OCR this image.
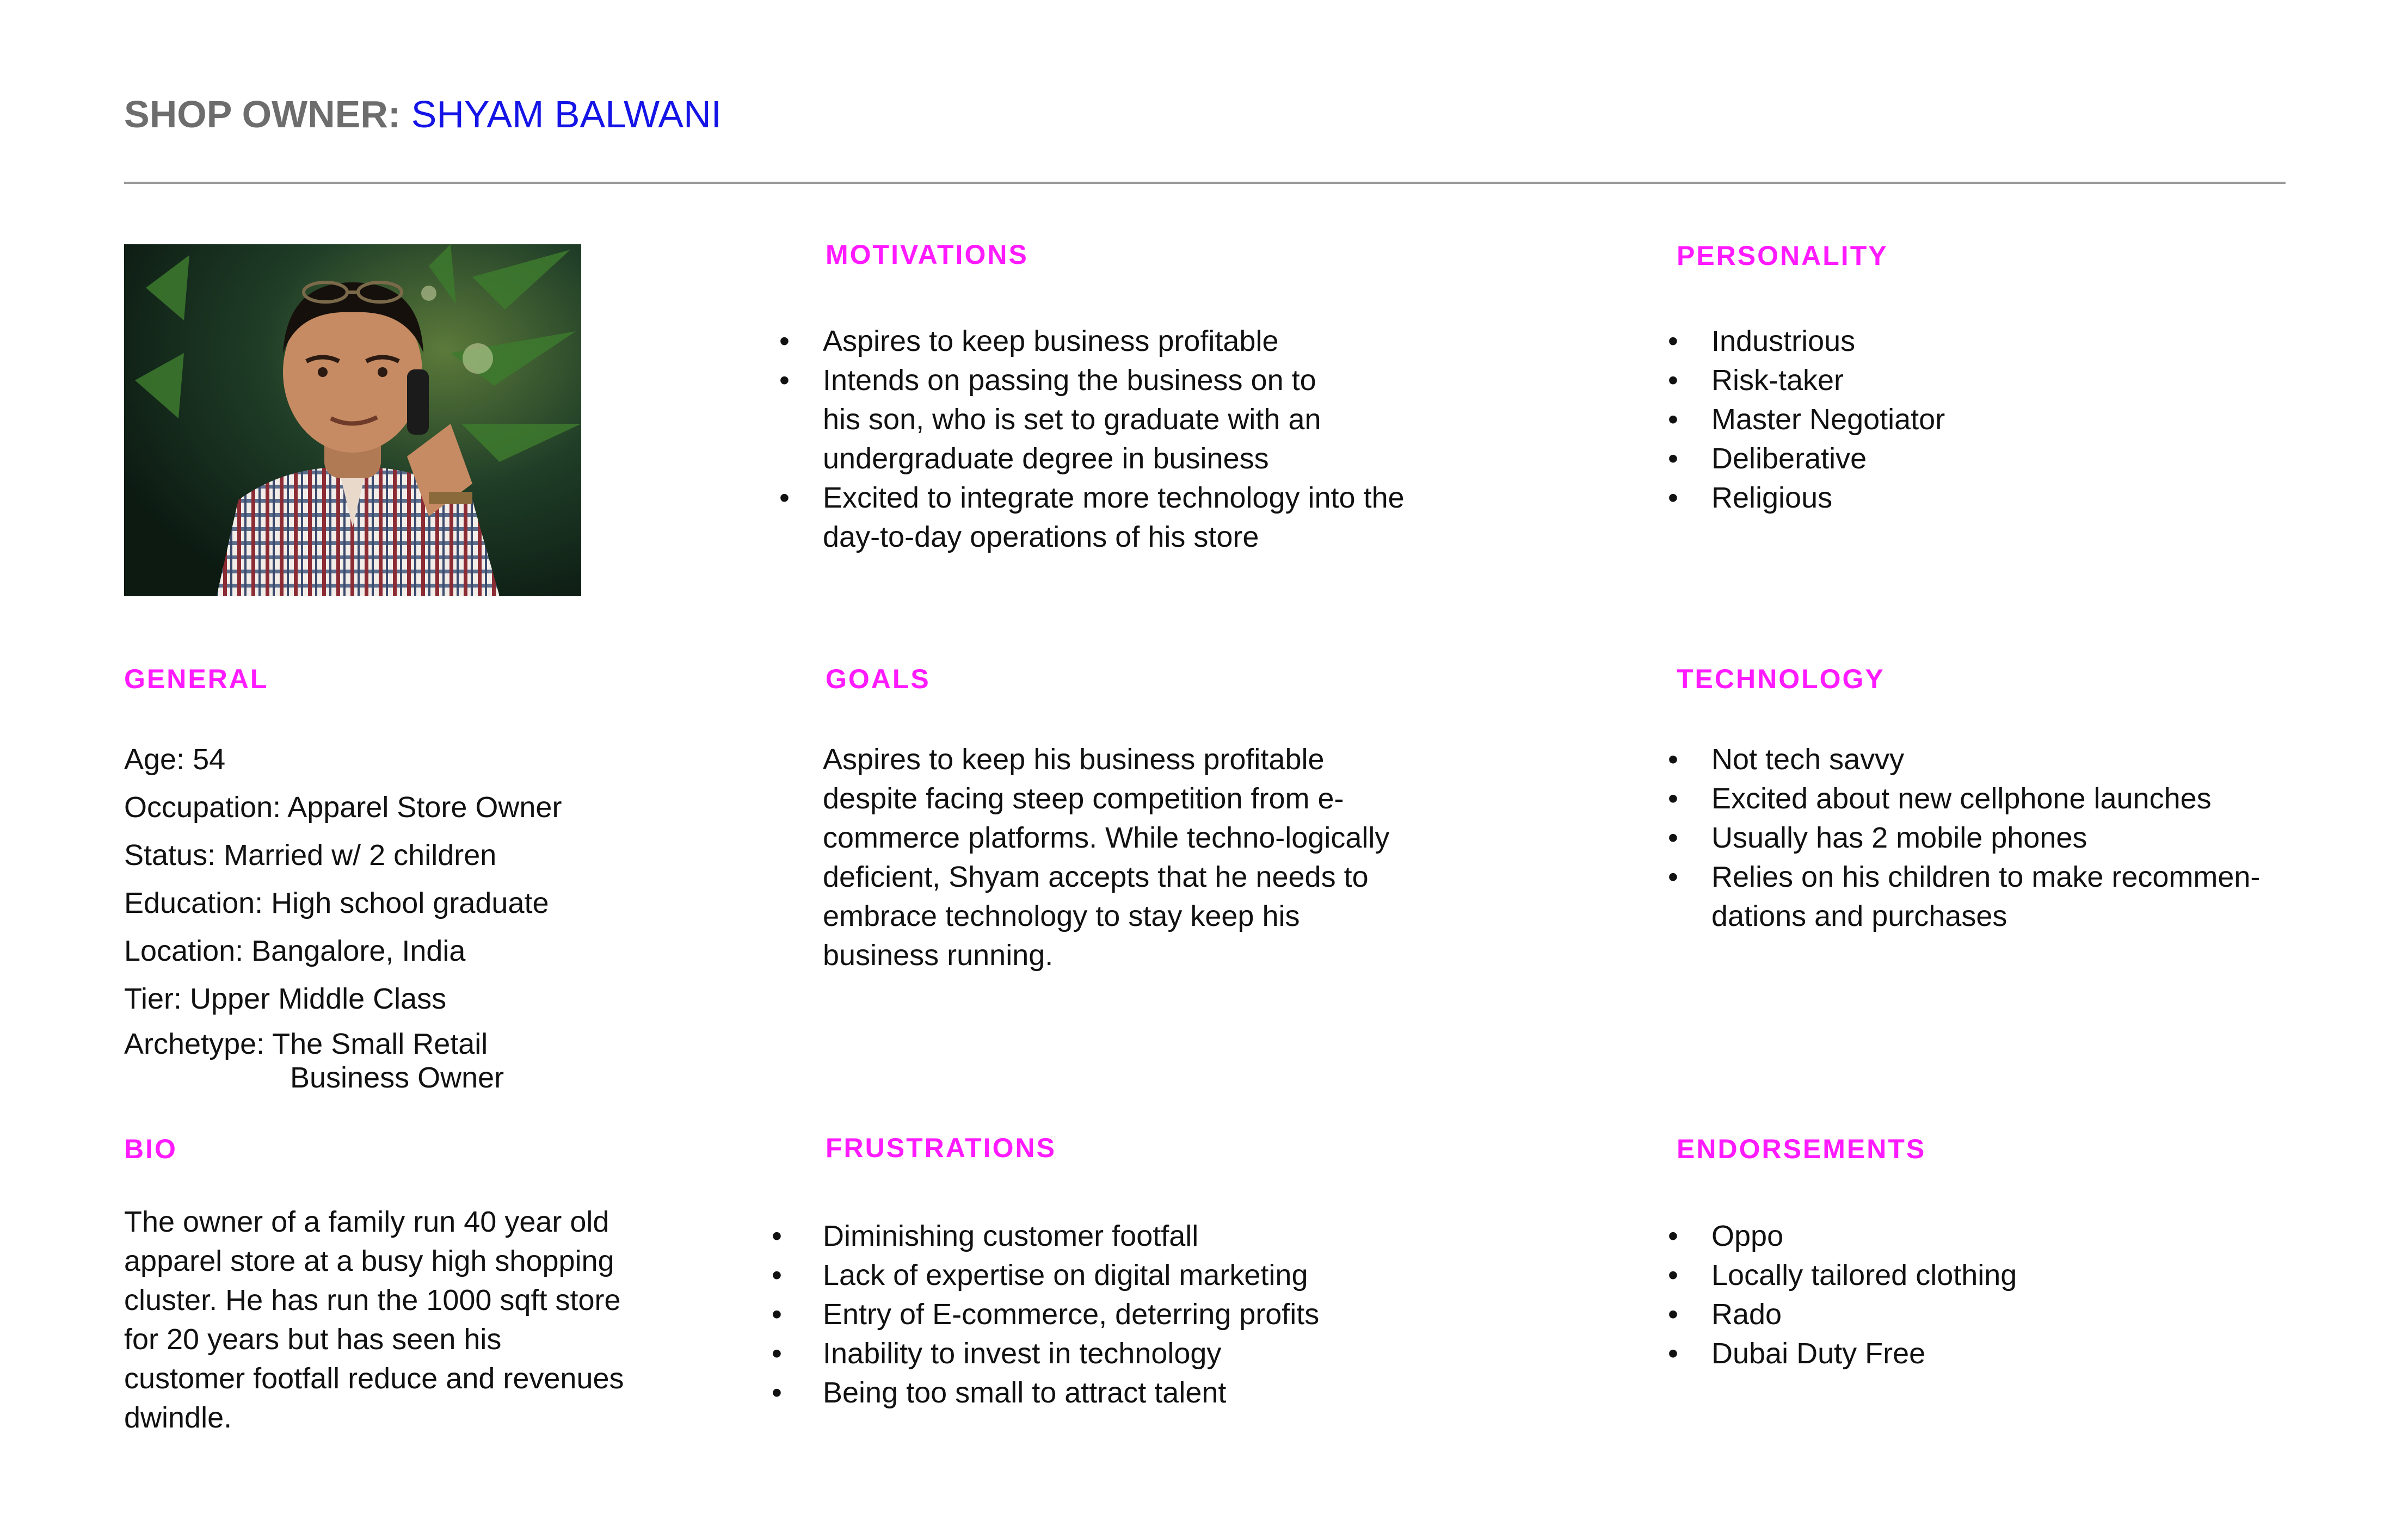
SHOP OWNER: SHYAM BALWANI
MOTIVATIONS
• Aspires to keep business profitable
• Intends on passing the business on to his son, who is set to graduate with an undergraduate degree in business
• Excited to integrate more technology into the day-to-day operations of his store
PERSONALITY
• Industrious
• Risk-taker
• Master Negotiator
• Deliberative
• Religious
GENERAL
Age: 54
Occupation: Apparel Store Owner
Status: Married w/ 2 children
Education: High school graduate
Location: Bangalore, India
Tier: Upper Middle Class
Archetype: The Small Retail
Business Owner
GOALS
Aspires to keep his business profitable despite facing steep competition from e-commerce platforms. While techno-logically deficient, Shyam accepts that he needs to embrace technology to stay keep his business running.
TECHNOLOGY
• Not tech savvy
• Excited about new cellphone launches
• Usually has 2 mobile phones
• Relies on his children to make recommen-dations and purchases
BIO
The owner of a family run 40 year old apparel store at a busy high shopping cluster. He has run the 1000 sqft store for 20 years but has seen his customer footfall reduce and revenues dwindle.
FRUSTRATIONS
• Diminishing customer footfall
• Lack of expertise on digital marketing
• Entry of E-commerce, deterring profits
• Inability to invest in technology
• Being too small to attract talent
ENDORSEMENTS
• Oppo
• Locally tailored clothing
• Rado
• Dubai Duty Free
